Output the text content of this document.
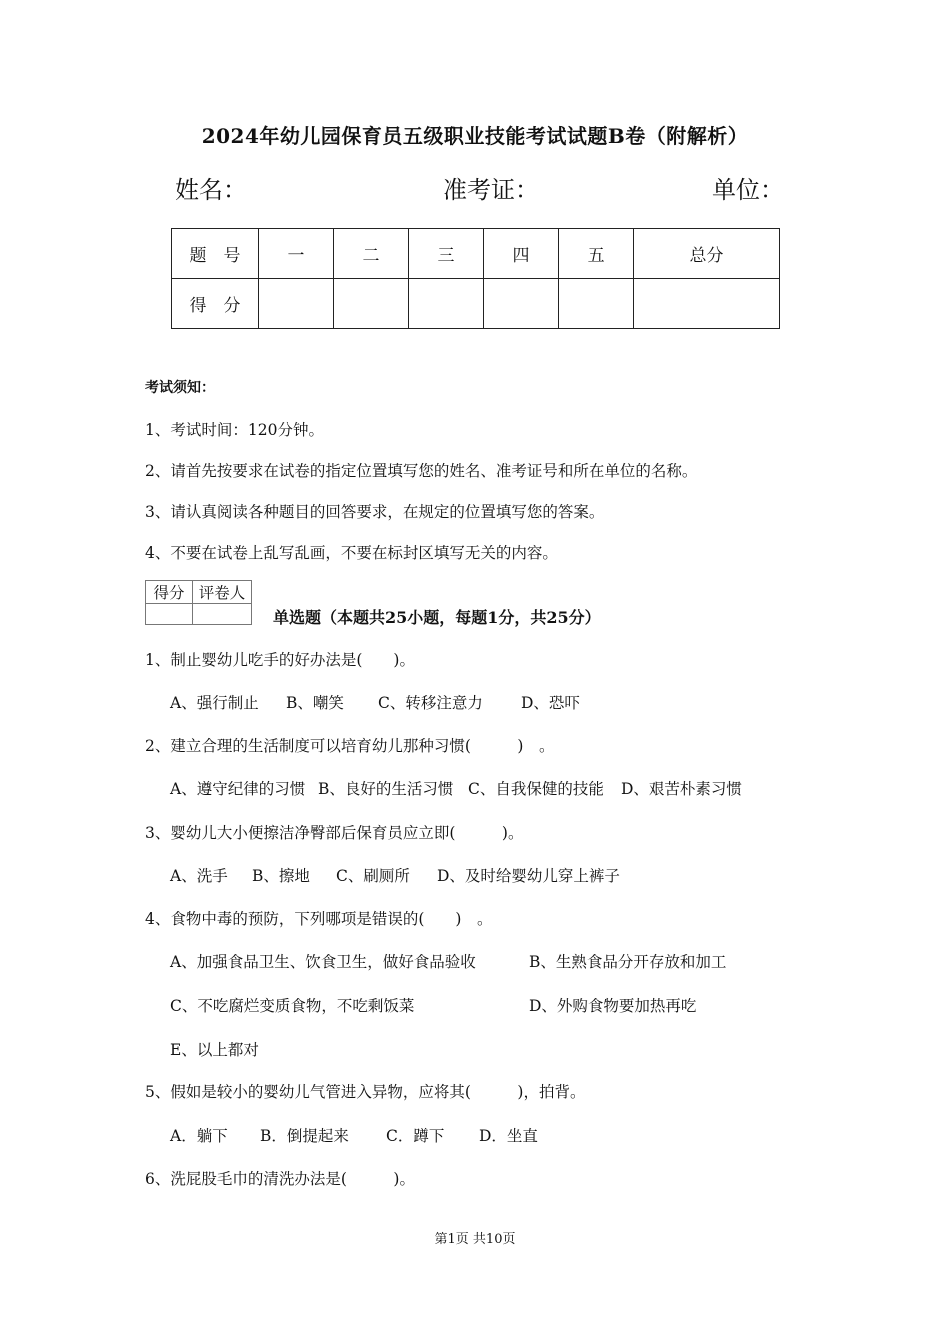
2024年幼儿园保育员五级职业技能考试试题B卷（附解析）
姓名：	准考证：	单位：
题　号	一	二	三	四	五	总分
得　分						
考试须知：
1、考试时间：120分钟。
2、请首先按要求在试卷的指定位置填写您的姓名、准考证号和所在单位的名称。
3、请认真阅读各种题目的回答要求，在规定的位置填写您的答案。
4、不要在试卷上乱写乱画，不要在标封区填写无关的内容。
得分	评卷人

单选题（本题共25小题，每题1分，共25分）
1、制止婴幼儿吃手的好办法是(　　)。
A、强行制止 B、嘲笑 C、转移注意力 D、恐吓
2、建立合理的生活制度可以培育幼儿那种习惯(　　　)　。
A、遵守纪律的习惯 B、良好的生活习惯 C、自我保健的技能 D、艰苦朴素习惯
3、婴幼儿大小便擦洁净臀部后保育员应立即(　　　)。
A、洗手 B、擦地 C、刷厕所 D、及时给婴幼儿穿上裤子
4、食物中毒的预防，下列哪项是错误的(　　)　。
A、加强食品卫生、饮食卫生，做好食品验收	B、生熟食品分开存放和加工
C、不吃腐烂变质食物，不吃剩饭菜	D、外购食物要加热再吃
E、以上都对
5、假如是较小的婴幼儿气管进入异物，应将其(　　　)，拍背。
A．躺下 B．倒提起来 C．蹲下 D．坐直
6、洗屁股毛巾的清洗办法是(　　　)。
第1页 共10页
